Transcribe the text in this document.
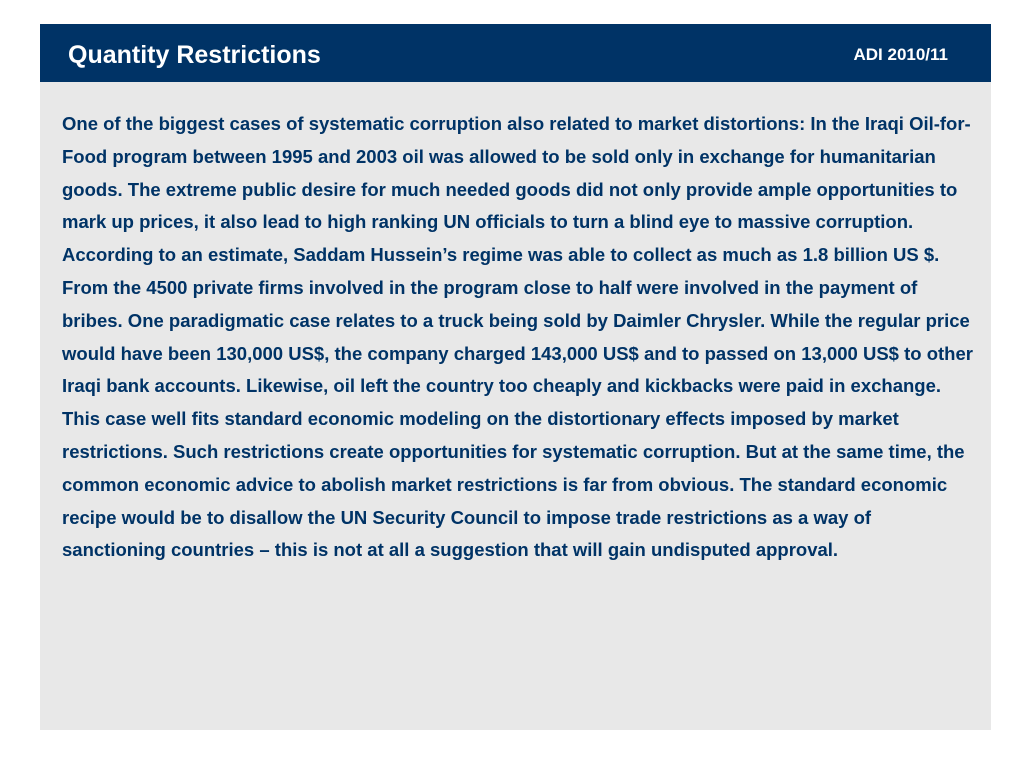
Quantity Restrictions	ADI 2010/11

One of the biggest cases of systematic corruption also related to market distortions: In the Iraqi Oil-for-Food program between 1995 and 2003 oil was allowed to be sold only in exchange for humanitarian goods. The extreme public desire for much needed goods did not only provide ample opportunities to mark up prices, it also lead to high ranking UN officials to turn a blind eye to massive corruption. According to an estimate, Saddam Hussein’s regime was able to collect as much as 1.8 billion US $. From the 4500 private firms involved in the program close to half were involved in the payment of bribes. One paradigmatic case relates to a truck being sold by Daimler Chrysler. While the regular price would have been 130,000 US$, the company charged 143,000 US$ and to passed on 13,000 US$ to other Iraqi bank accounts. Likewise, oil left the country too cheaply and kickbacks were paid in exchange. This case well fits standard economic modeling on the distortionary effects imposed by market restrictions. Such restrictions create opportunities for systematic corruption. But at the same time, the common economic advice to abolish market restrictions is far from obvious. The standard economic recipe would be to disallow the UN Security Council to impose trade restrictions as a way of sanctioning countries – this is not at all a suggestion that will gain undisputed approval.
